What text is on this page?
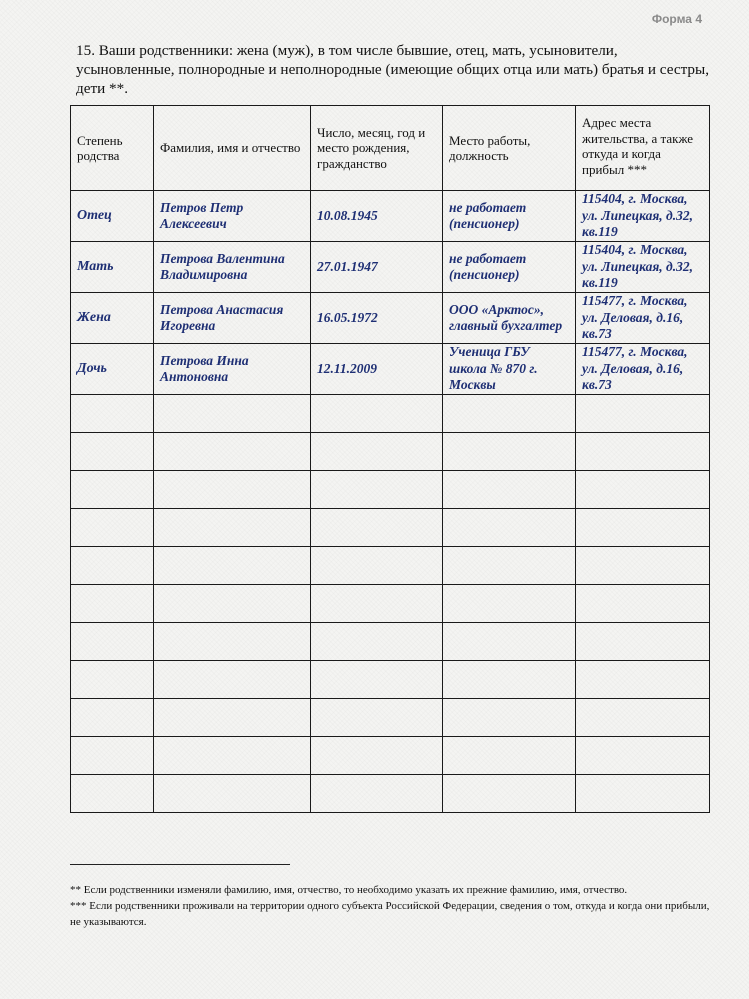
Форма 4
15. Ваши родственники: жена (муж), в том числе бывшие, отец, мать, усыновители, усыновленные, полнородные и неполнородные (имеющие общих отца или мать) братья и сестры, дети **.
Степень родства	Фамилия, имя и отчество	Число, месяц, год и место рождения, гражданство	Место работы, должность	Адрес места жительства, а также откуда и когда прибыл ***

Отец	Петров Петр Алексеевич	10.08.1945	не работает (пенсионер)	115404, г. Москва, ул. Липецкая, д.32, кв.119
Мать	Петрова Валентина Владимировна	27.01.1947	не работает (пенсионер)	115404, г. Москва, ул. Липецкая, д.32, кв.119
Жена	Петрова Анастасия Игоревна	16.05.1972	ООО «Арктос», главный бухгалтер	115477, г. Москва, ул. Деловая, д.16, кв.73
Дочь	Петрова Инна Антоновна	12.11.2009	Ученица ГБУ школа № 870 г. Москвы	115477, г. Москва, ул. Деловая, д.16, кв.73

** Если родственники изменяли фамилию, имя, отчество, то необходимо указать их прежние фамилию, имя, отчество.

*** Если родственники проживали на территории одного субъекта Российской Федерации, сведения о том, откуда и когда они прибыли, не указываются.
